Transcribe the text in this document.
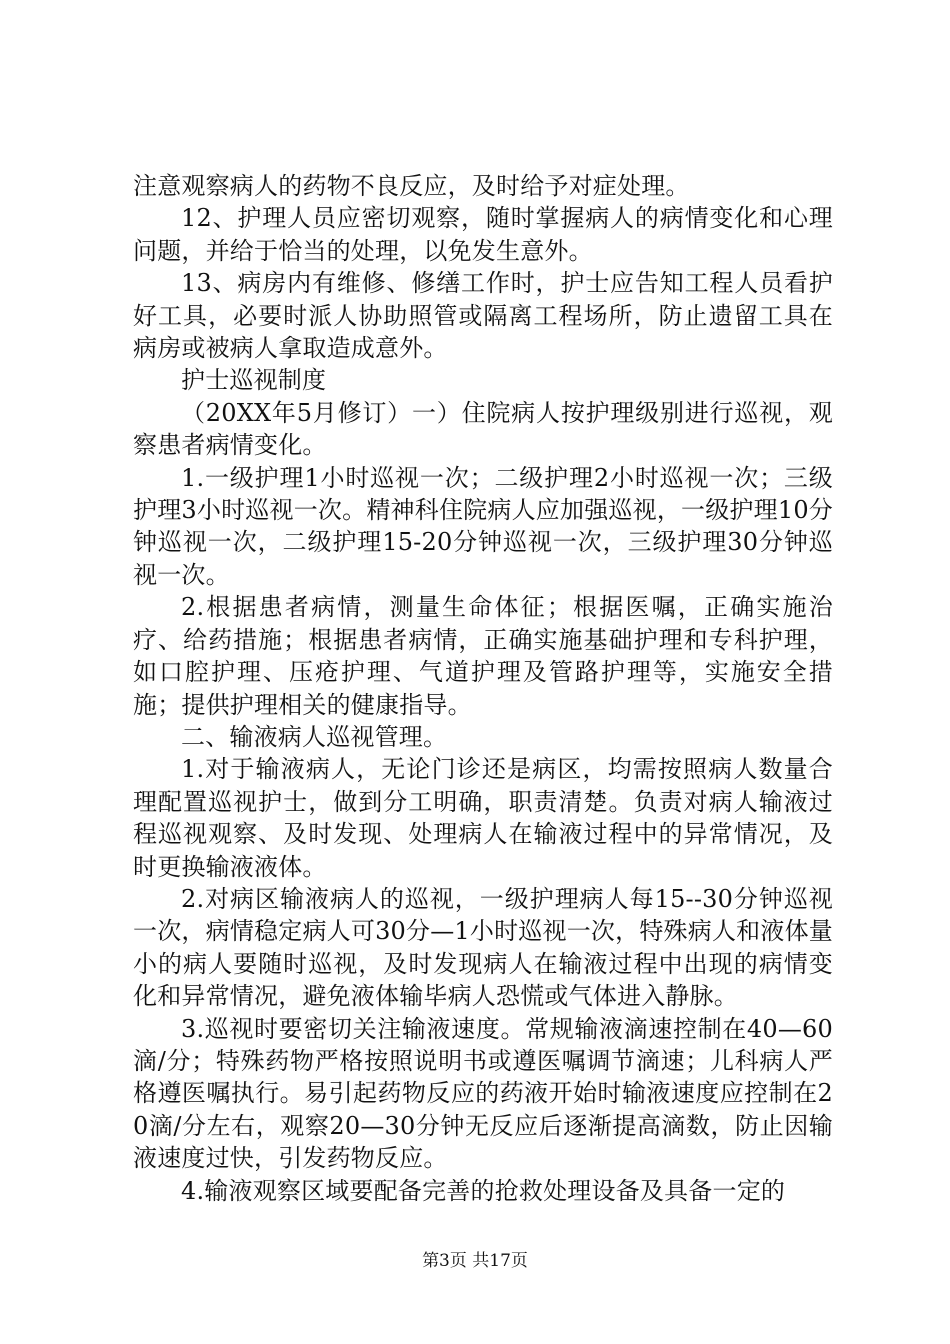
注意观察病人的药物不良反应，及时给予对症处理。

12、护理人员应密切观察，随时掌握病人的病情变化和心理问题，并给于恰当的处理，以免发生意外。

13、病房内有维修、修缮工作时，护士应告知工程人员看护好工具，必要时派人协助照管或隔离工程场所，防止遗留工具在病房或被病人拿取造成意外。

护士巡视制度

（20XX年5月修订）一）住院病人按护理级别进行巡视，观察患者病情变化。

1.一级护理1小时巡视一次；二级护理2小时巡视一次；三级护理3小时巡视一次。精神科住院病人应加强巡视，一级护理10分钟巡视一次，二级护理15-20分钟巡视一次，三级护理30分钟巡视一次。

2.根据患者病情，测量生命体征；根据医嘱，正确实施治疗、给药措施；根据患者病情，正确实施基础护理和专科护理，如口腔护理、压疮护理、气道护理及管路护理等，实施安全措施；提供护理相关的健康指导。

二、输液病人巡视管理。

1.对于输液病人，无论门诊还是病区，均需按照病人数量合理配置巡视护士，做到分工明确，职责清楚。负责对病人输液过程巡视观察、及时发现、处理病人在输液过程中的异常情况，及时更换输液液体。

2.对病区输液病人的巡视，一级护理病人每15--30分钟巡视一次，病情稳定病人可30分—1小时巡视一次，特殊病人和液体量小的病人要随时巡视，及时发现病人在输液过程中出现的病情变化和异常情况，避免液体输毕病人恐慌或气体进入静脉。

3.巡视时要密切关注输液速度。常规输液滴速控制在40—60滴/分；特殊药物严格按照说明书或遵医嘱调节滴速；儿科病人严格遵医嘱执行。易引起药物反应的药液开始时输液速度应控制在20滴/分左右，观察20—30分钟无反应后逐渐提高滴数，防止因输液速度过快，引发药物反应。

4.输液观察区域要配备完善的抢救处理设备及具备一定的

第3页 共17页
